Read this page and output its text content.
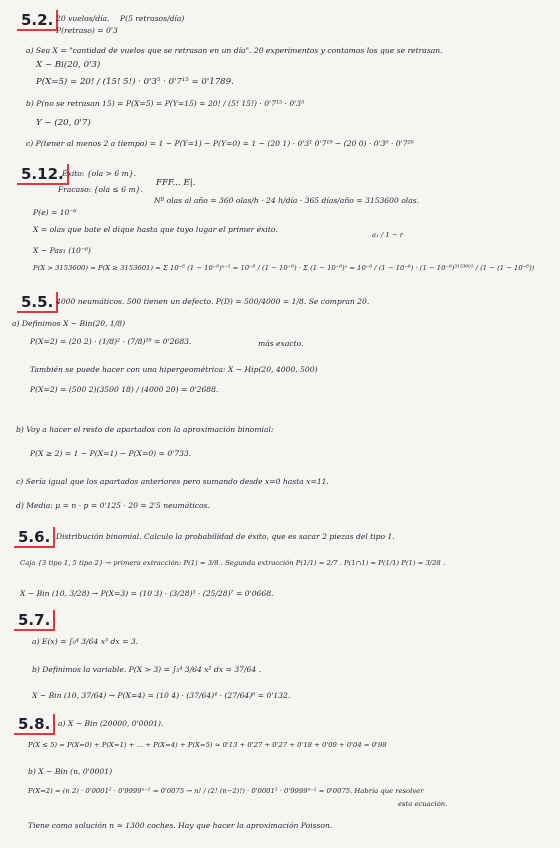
5.2. 20 vuelos/día. P(5 retrasos/día)
P(retraso) = 0'3
a) Sea X = "cantidad de vuelos que se retrasan en un día". 20 experimentos y contamos los que se retrasan.
X ~ Bi(20, 0'3)
P(X=5) = 20! / (15! 5!) · 0'3⁵ · 0'7¹⁵ = 0'1789.
b) P(no se retrasan 15) = P(X=5) = P(Y=15) = 20! / (5! 15!) · 0'7¹⁵ · 0'3⁵
Y ~ (20, 0'7)
c) P(tener al menos 2 a tiempo) = 1 − P(Y=1) − P(Y=0) = 1 − (20 1) · 0'3¹ 0'7¹⁹ − (20 0) · 0'3⁰ · 0'7²⁰
5.12.
Éxito: {ola > 6 m}.
Fracaso: {ola ≤ 6 m}.
FFF... E|.
Nº olas al año = 360 olas/h · 24 h/día · 365 días/año = 3153600 olas.
P(e) = 10⁻⁶
X = olas que bate el dique hasta que tuyo lugar el primer éxito.
a₁ / 1 − r
X ~ Pas₁ (10⁻⁶)
P(X > 3153600) = P(X ≥ 3153601) = Σ 10⁻⁶ (1 − 10⁻⁶)ˣ⁻¹ = 10⁻⁶ / (1 − 10⁻⁶) · Σ (1 − 10⁻⁶)ˣ = 10⁻⁶ / (1 − 10⁻⁶) · (1 − 10⁻⁶)³¹⁵³⁶⁰¹ / (1 − (1 − 10⁻⁶))
5.5. 4000 neumáticos. 500 tienen un defecto. P(D) = 500/4000 = 1/8. Se compran 20.
a) Definimos X ~ Bin(20, 1/8)
P(X=2) = (20 2) · (1/8)² · (7/8)¹⁸ = 0'2683.	más exacto.
También se puede hacer con una hipergeométrica: X ~ Hip(20, 4000, 500)
P(X=2) = (500 2)(3500 18) / (4000 20) = 0'2688.
b) Voy a hacer el resto de apartados con la aproximación binomial:
P(X ≥ 2) = 1 − P(X=1) − P(X=0) = 0'733.
c) Sería igual que los apartados anteriores pero sumando desde x=0 hasta x=11.
d) Media: μ = n · p = 0'125 · 20 = 2'5 neumáticos.
5.6. Distribución binomial. Calculo la probabilidad de éxito, que es sacar 2 piezas del tipo 1.
Caja {3 tipo 1, 5 tipo 2} → primera extracción: P(1) = 3/8 . Segunda extracción P(1/1) = 2/7 . P(1∩1) = P(1/1) P(1) = 3/28 .
X ~ Bin (10, 3/28) → P(X=3) = (10 3) · (3/28)³ · (25/28)⁷ = 0'0668.
5.7.
a) E(x) = ∫₀⁴ 3/64 x³ dx = 3.
b) Definimos la variable. P(X > 3) = ∫₃⁴ 3/64 x² dx = 37/64 .
X ~ Bin (10, 37/64) → P(X=4) = (10 4) · (37/64)⁴ · (27/64)⁶ = 0'132.
5.8. a) X ~ Bin (20000, 0'0001).
P(X ≤ 5) = P(X=0) + P(X=1) + ... + P(X=4) + P(X=5) ≈ 0'13 + 0'27 + 0'27 + 0'18 + 0'09 + 0'04 = 0'98
b) X ~ Bin (n, 0'0001)
P(X=2) = (n 2) · 0'0001² · 0'9999ⁿ⁻² = 0'0075 → n! / (2! (n−2)!) · 0'0001² · 0'9999ⁿ⁻² = 0'0075. Habría que resolver
esta ecuación.
Tiene como solución n ≈ 1300 coches. Hay que hacer la aproximación Poisson.
